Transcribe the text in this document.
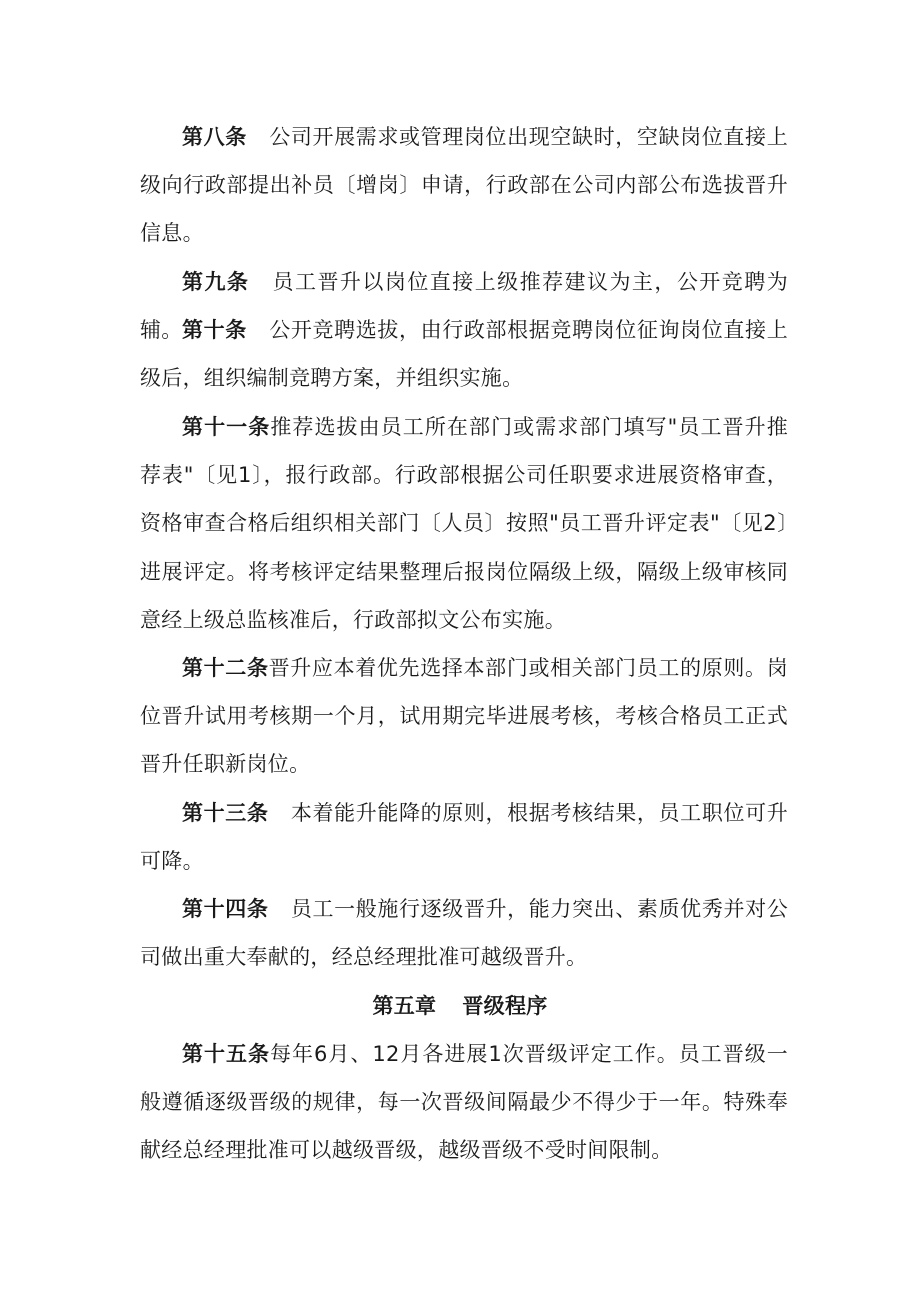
第八条 公司开展需求或管理岗位出现空缺时，空缺岗位直接上级向行政部提出补员〔增岗〕申请，行政部在公司内部公布选拔晋升信息。

第九条 员工晋升以岗位直接上级推荐建议为主，公开竞聘为辅。 第十条 公开竞聘选拔，由行政部根据竞聘岗位征询岗位直接上级后，组织编制竞聘方案，并组织实施。

第十一条推荐选拔由员工所在部门或需求部门填写"员工晋升推荐表"〔见1〕，报行政部。行政部根据公司任职要求进展资格审查，资格审查合格后组织相关部门〔人员〕按照"员工晋升评定表"〔见2〕进展评定。将考核评定结果整理后报岗位隔级上级，隔级上级审核同意经上级总监核准后，行政部拟文公布实施。

第十二条晋升应本着优先选择本部门或相关部门员工的原则。岗位晋升试用考核期一个月，试用期完毕进展考核，考核合格员工正式晋升任职新岗位。

第十三条 本着能升能降的原则，根据考核结果，员工职位可升可降。

第十四条 员工一般施行逐级晋升，能力突出、素质优秀并对公司做出重大奉献的，经总经理批准可越级晋升。

第五章 晋级程序

第十五条每年6月、12月各进展1次晋级评定工作。员工晋级一般遵循逐级晋级的规律，每一次晋级间隔最少不得少于一年。特殊奉献经总经理批准可以越级晋级，越级晋级不受时间限制。
